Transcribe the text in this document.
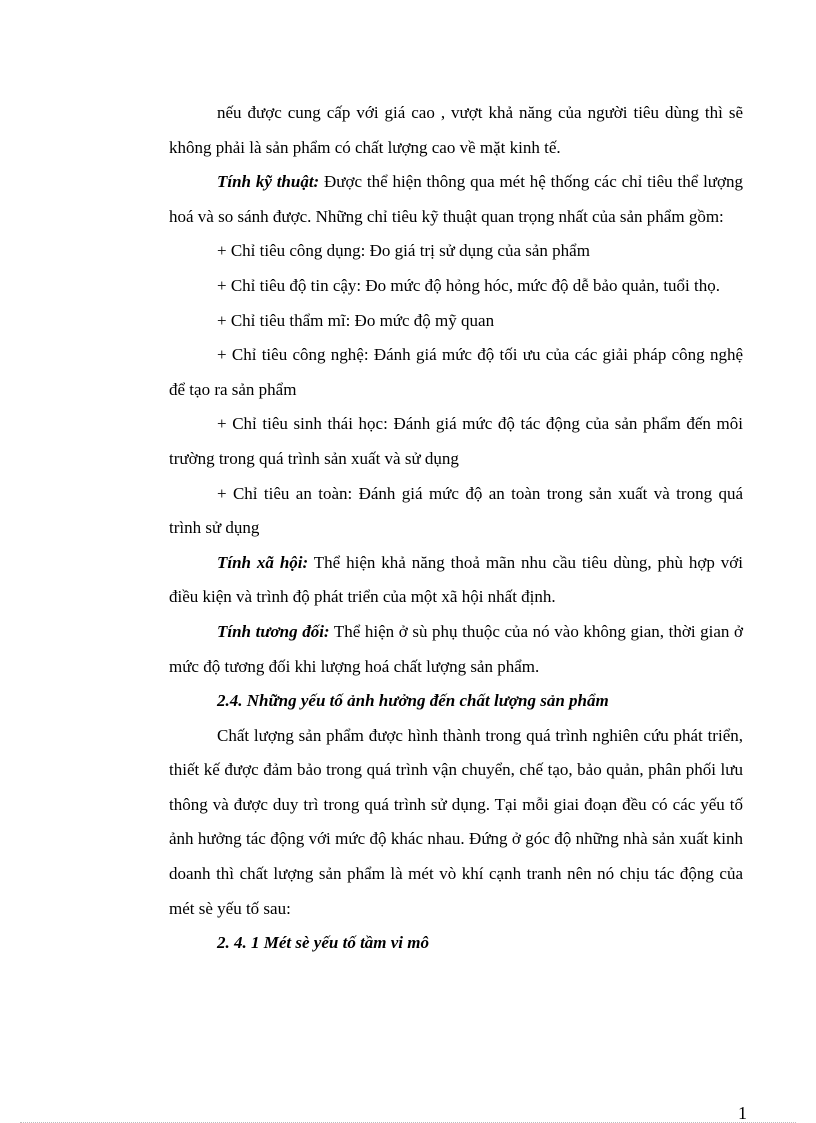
nếu được cung cấp với giá cao , vượt khả năng của người tiêu dùng thì sẽ không phải là sản phẩm có chất lượng cao về mặt kinh tế.

Tính kỹ thuật: Được thể hiện thông qua mét hệ thống các chỉ tiêu thể lượng hoá và so sánh được. Những chỉ tiêu kỹ thuật quan trọng nhất của sản phẩm gồm:

+ Chỉ tiêu công dụng: Đo giá trị sử dụng của sản phẩm

+ Chỉ tiêu độ tin cậy: Đo mức độ hỏng hóc, mức độ dễ bảo quản, tuổi thọ.

+ Chỉ tiêu thẩm mĩ: Đo mức độ mỹ quan

+ Chỉ tiêu công nghệ: Đánh giá mức độ tối ưu của các giải pháp công nghệ để tạo ra sản phẩm

+ Chỉ tiêu sinh thái học: Đánh giá mức độ tác động của sản phẩm đến môi trường trong quá trình sản xuất và sử dụng

+ Chỉ tiêu an toàn: Đánh giá mức độ an toàn trong sản xuất và trong quá trình sử dụng

Tính xã hội: Thể hiện khả năng thoả mãn nhu cầu tiêu dùng, phù hợp với điều kiện và trình độ phát triển của một xã hội nhất định.

Tính tương đối: Thể hiện ở sù phụ thuộc của nó vào không gian, thời gian ở mức độ tương đối khi lượng hoá chất lượng sản phẩm.

2.4. Những yếu tố ảnh hưởng đến chất lượng sản phẩm

Chất lượng sản phẩm được hình thành trong quá trình nghiên cứu phát triển, thiết kế được đảm bảo trong quá trình vận chuyển, chế tạo, bảo quản, phân phối lưu thông và được duy trì trong quá trình sử dụng. Tại mỗi giai đoạn đều có các yếu tố ảnh hưởng tác động với mức độ khác nhau. Đứng ở góc độ những nhà sản xuất kinh doanh thì chất lượng sản phẩm là mét vò khí cạnh tranh nên nó chịu tác động của mét sè yếu tố sau:

2. 4. 1 Mét sè yếu tố tầm vi mô

1
